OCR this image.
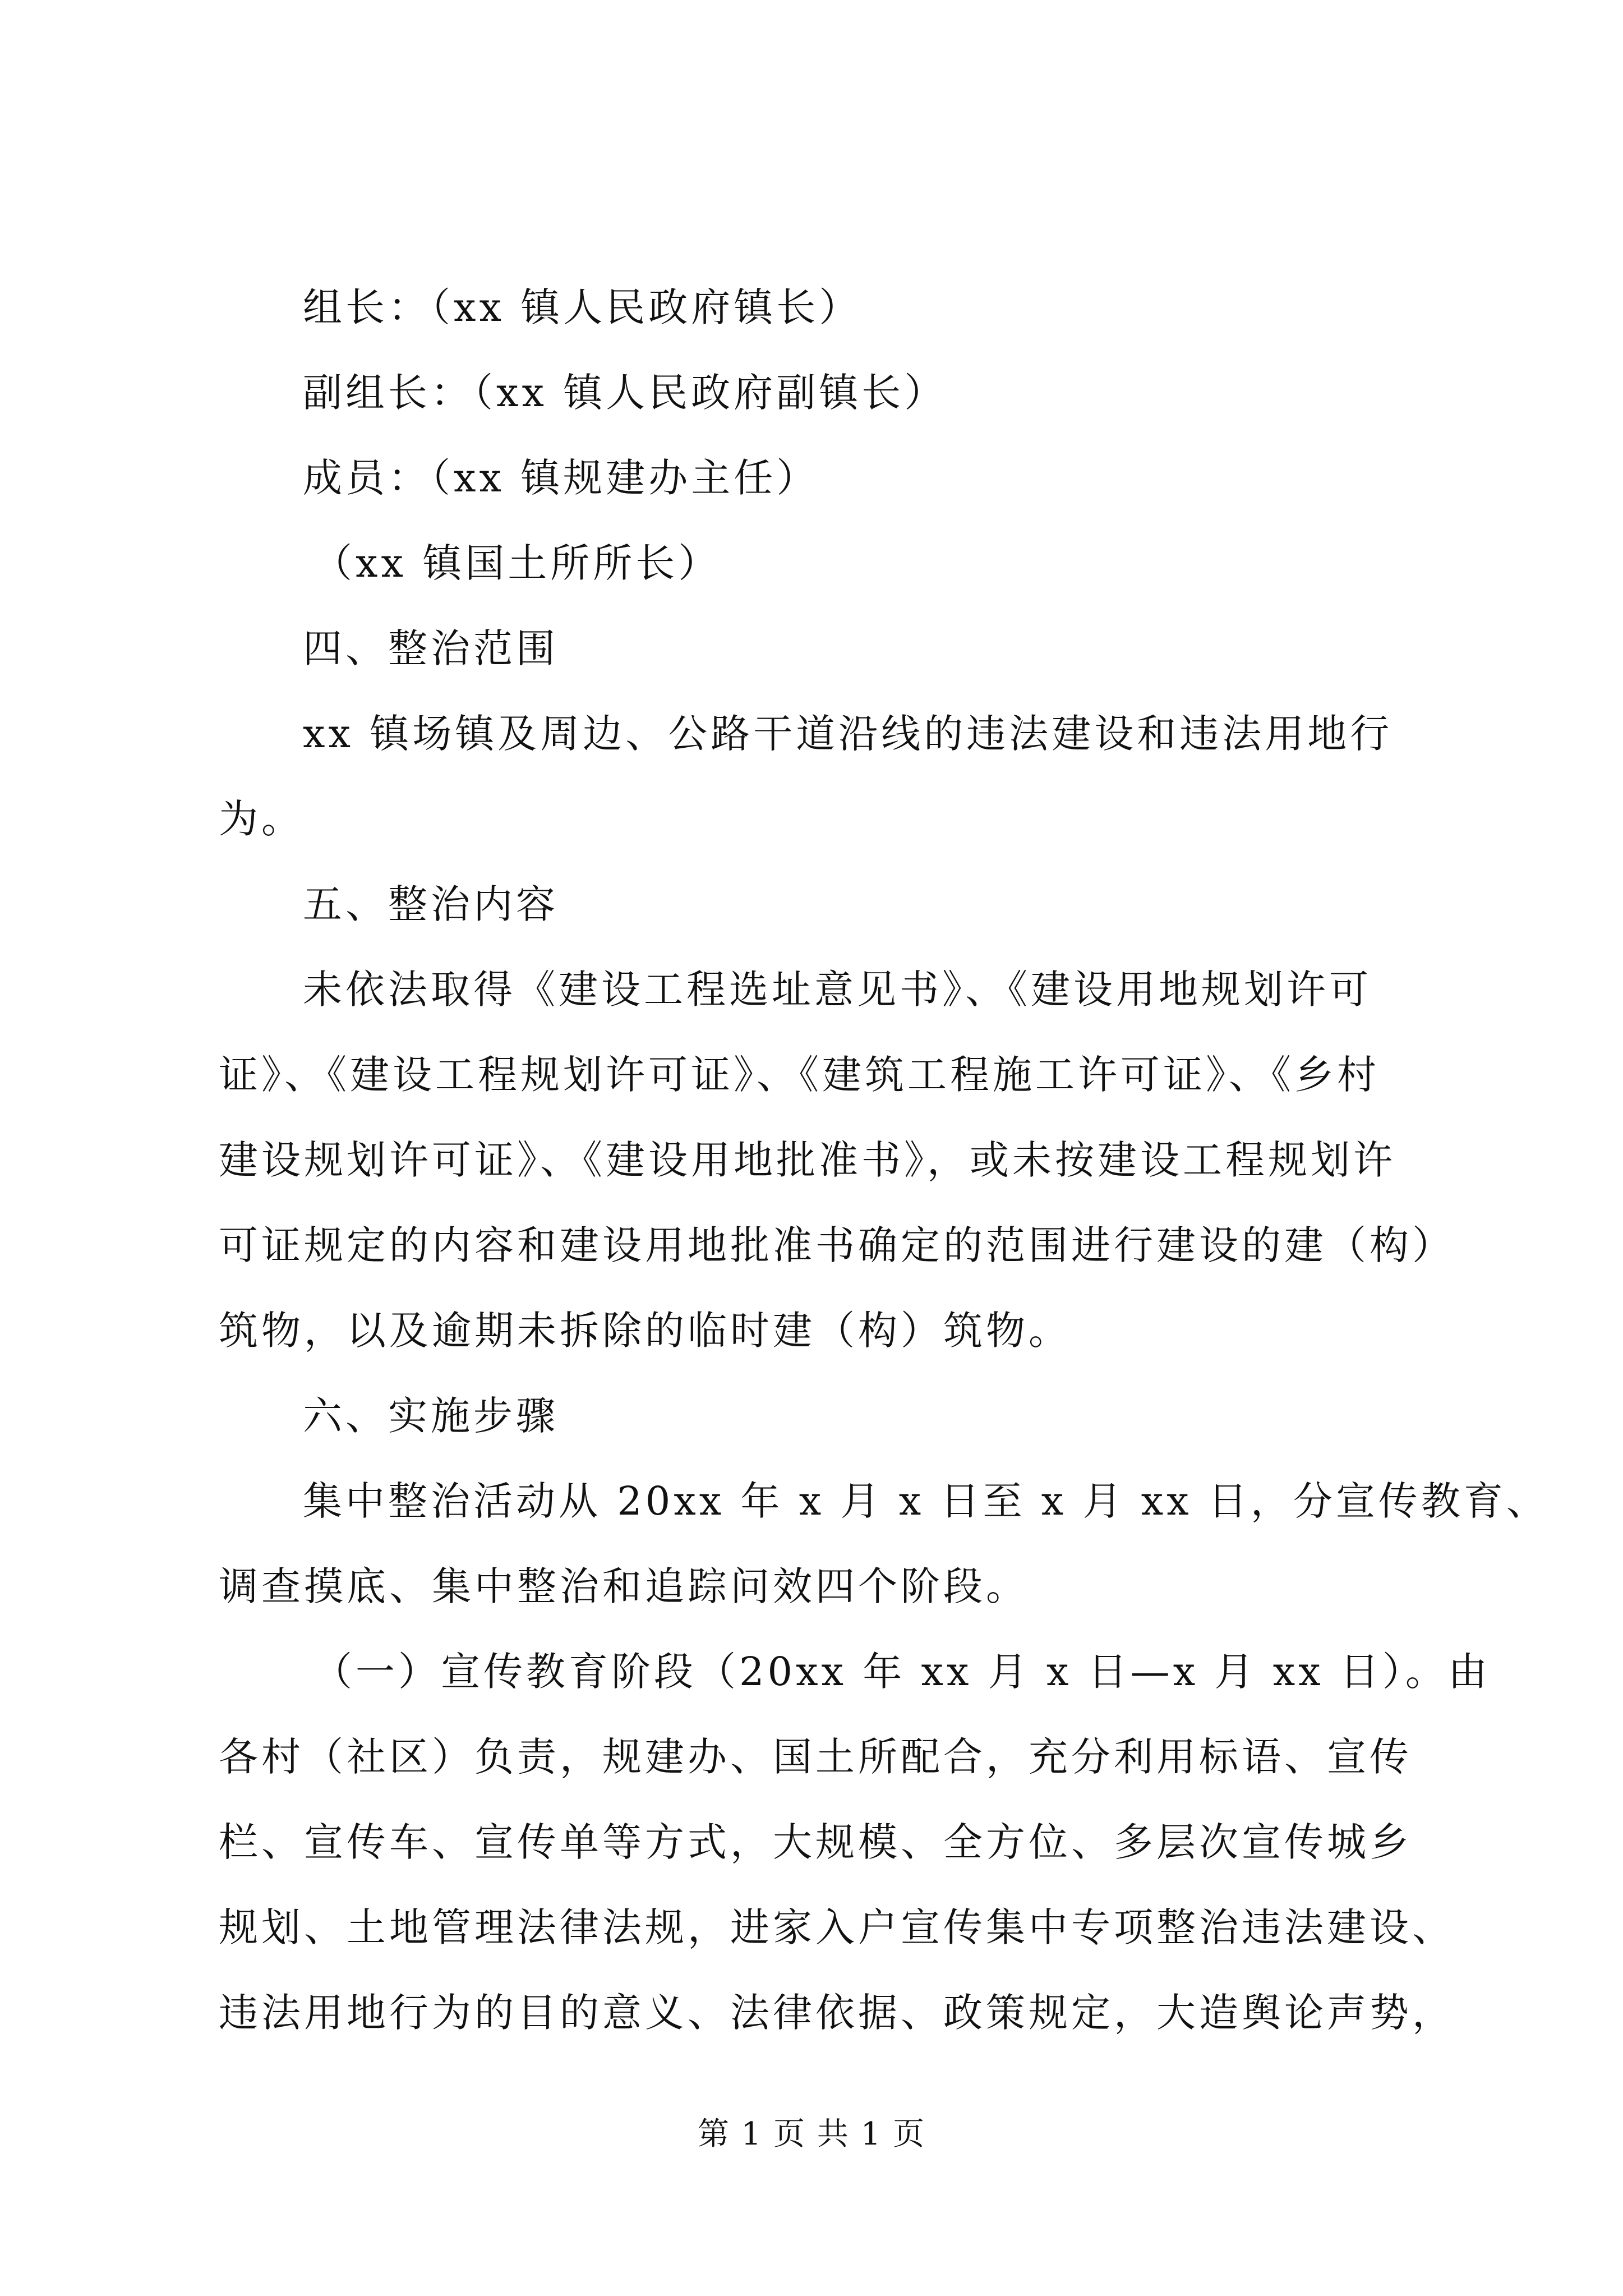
组长：（xx 镇人民政府镇长）
副组长：（xx 镇人民政府副镇长）
成员：（xx 镇规建办主任）
（xx 镇国土所所长）
四、整治范围
xx 镇场镇及周边、公路干道沿线的违法建设和违法用地行
为。
五、整治内容
未依法取得《建设工程选址意见书》、《建设用地规划许可
证》、《建设工程规划许可证》、《建筑工程施工许可证》、《乡村
建设规划许可证》、《建设用地批准书》，或未按建设工程规划许
可证规定的内容和建设用地批准书确定的范围进行建设的建（构）
筑物，以及逾期未拆除的临时建（构）筑物。
六、实施步骤
集中整治活动从 20xx 年 x 月 x 日至 x 月 xx 日，分宣传教育、
调查摸底、集中整治和追踪问效四个阶段。
（一）宣传教育阶段（20xx 年 xx 月 x 日—x 月 xx 日）。由
各村（社区）负责，规建办、国土所配合，充分利用标语、宣传
栏、宣传车、宣传单等方式，大规模、全方位、多层次宣传城乡
规划、土地管理法律法规，进家入户宣传集中专项整治违法建设、
违法用地行为的目的意义、法律依据、政策规定，大造舆论声势，
第 1 页 共 1 页
